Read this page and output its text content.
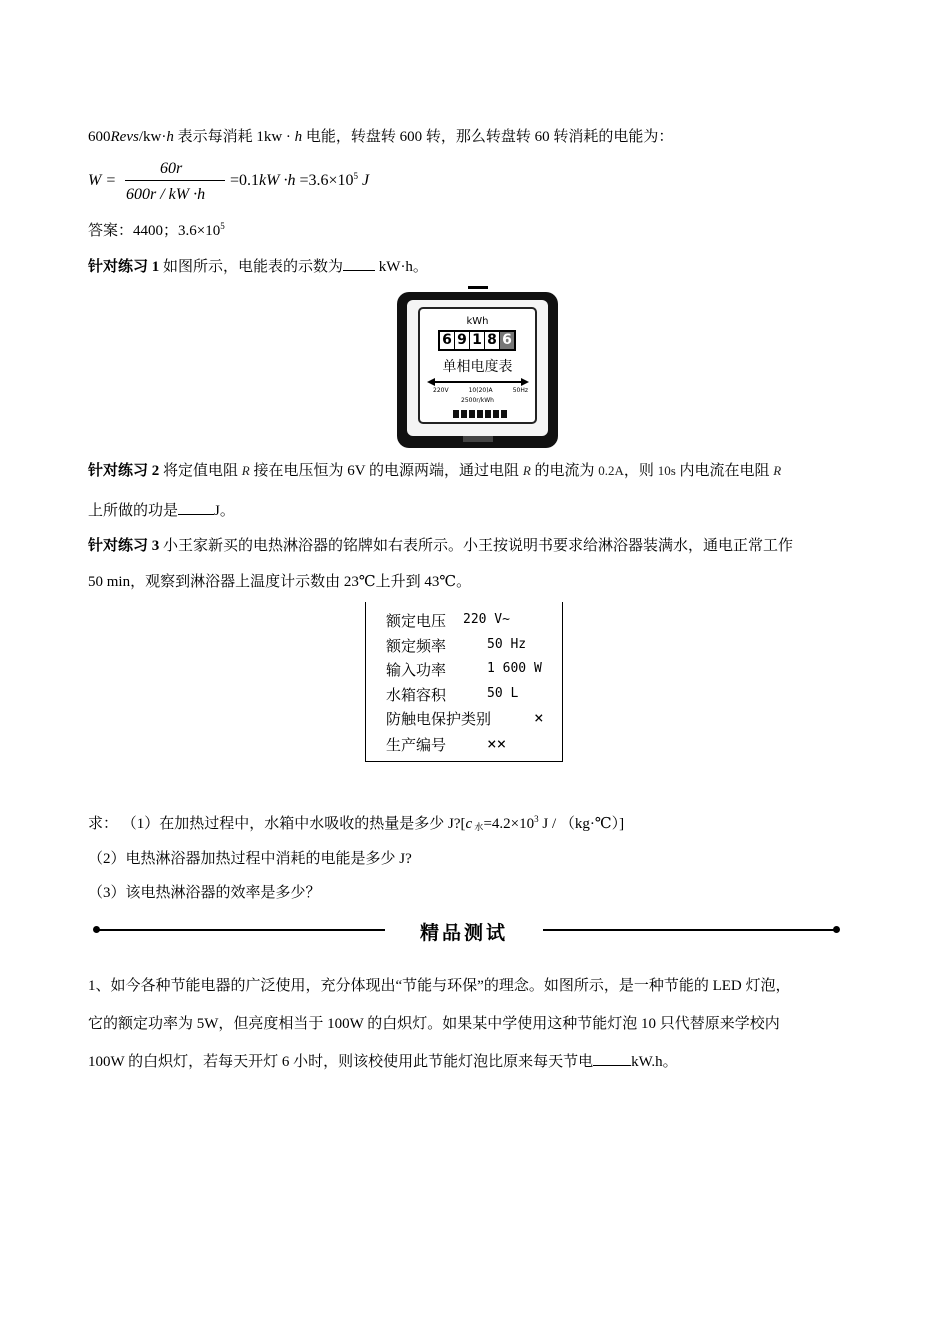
600Revs/kw·h 表示每消耗 1kw · h 电能，转盘转 600 转，那么转盘转 60 转消耗的电能为：
W =
60r
600r / kW ·h
$=0.1kW \cdot h =3.6\times 10^5$ J
答案：4400；$3.6\times 10^5$
针对练习 1 如图所示，电能表的示数为 kW·h。
kWh
6 9 1 8 6
单相电度表
220V	10(20)A	50Hz
2500r/kWh
针对练习 2 将定值电阻 R 接在电压恒为 6V 的电源两端，通过电阻 R 的电流为 0.2A，则 10s 内电流在电阻 R
上所做的功是 J。
针对练习 3 小王家新买的电热淋浴器的铭牌如右表所示。小王按说明书要求给淋浴器装满水，通电正常工作
50 min，观察到淋浴器上温度计示数由 23℃上升到 43℃。
额定电压 220 V~
额定频率	50 Hz
输入功率	1 600 W
水箱容积	50 L
防触电保护类别	×
生产编号	××
求： （1）在加热过程中，水箱中水吸收的热量是多少 J?[c $_水=4.2\times 10^3$ J / （kg·℃）]
（2）电热淋浴器加热过程中消耗的电能是多少 J?
（3）该电热淋浴器的效率是多少？
精品测试
1、如今各种节能电器的广泛使用，充分体现出“节能与环保”的理念。如图所示，是一种节能的 LED 灯泡，
它的额定功率为 5W，但亮度相当于 100W 的白炽灯。如果某中学使用这种节能灯泡 10 只代替原来学校内
100W 的白炽灯，若每天开灯 6 小时，则该校使用此节能灯泡比原来每天节电	kW.h。
